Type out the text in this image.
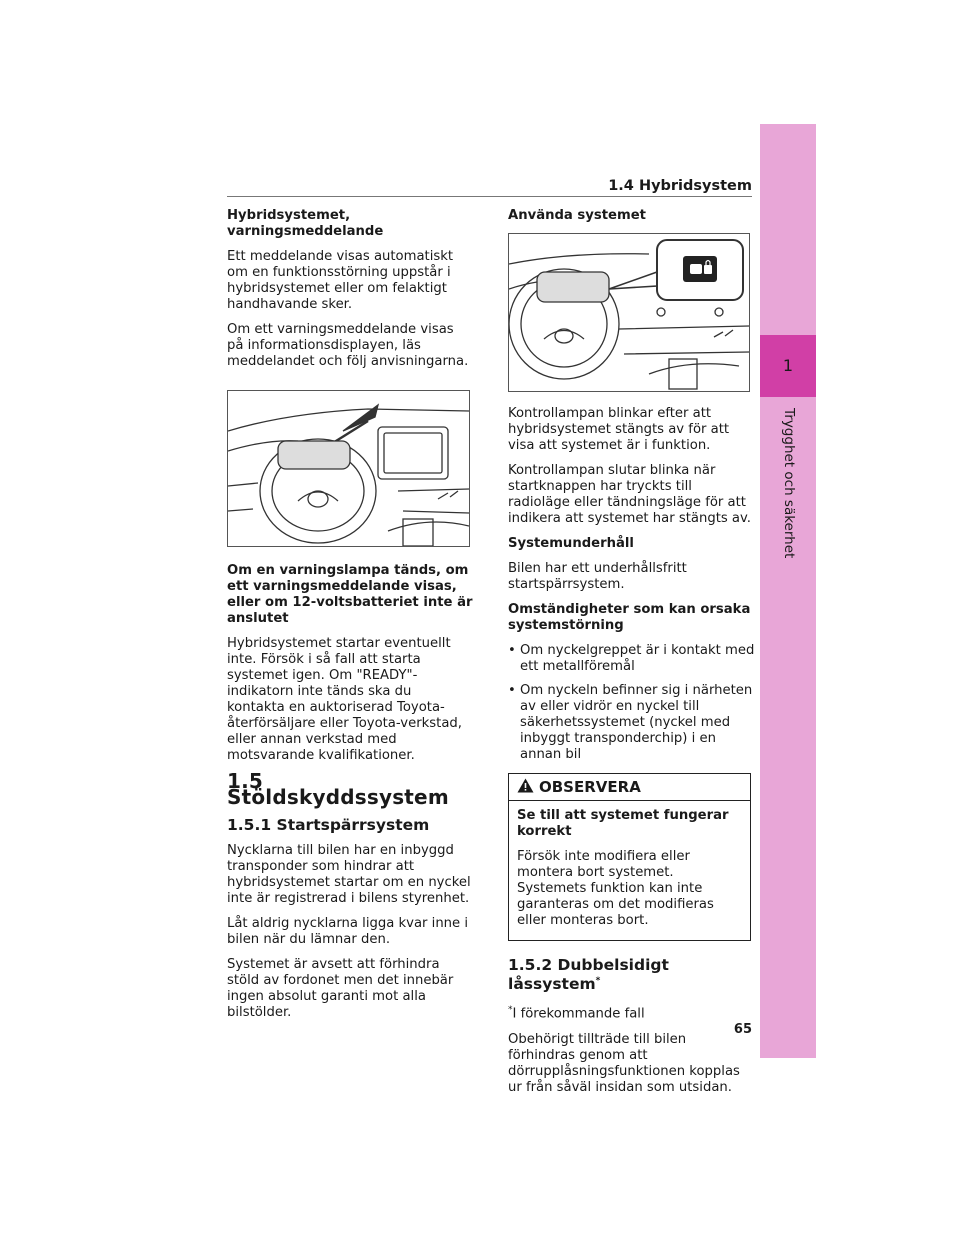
1.4 Hybridsystem
1
Trygghet och säkerhet

Hybridsystemet, varningsmeddelande

Ett meddelande visas automatiskt om en funktionsstörning uppstår i hybridsystemet eller om felaktigt handhavande sker.

Om ett varningsmeddelande visas på informationsdisplayen, läs meddelandet och följ anvisningarna.

Om en varningslampa tänds, om ett varningsmeddelande visas, eller om 12-voltsbatteriet inte är anslutet

Hybridsystemet startar eventuellt inte. Försök i så fall att starta systemet igen. Om "READY"-indikatorn inte tänds ska du kontakta en auktoriserad Toyota-återförsäljare eller Toyota-verkstad, eller annan verkstad med motsvarande kvalifikationer.

1.5 Stöldskyddssystem
1.5.1 Startspärrsystem

Nycklarna till bilen har en inbyggd transponder som hindrar att hybridsystemet startar om en nyckel inte är registrerad i bilens styrenhet.

Låt aldrig nycklarna ligga kvar inne i bilen när du lämnar den.

Systemet är avsett att förhindra stöld av fordonet men det innebär ingen absolut garanti mot alla bilstölder.

Använda systemet

Kontrollampan blinkar efter att hybridsystemet stängts av för att visa att systemet är i funktion.

Kontrollampan slutar blinka när startknappen har tryckts till radioläge eller tändningsläge för att indikera att systemet har stängts av.

Systemunderhåll

Bilen har ett underhållsfritt startspärrsystem.

Omständigheter som kan orsaka systemstörning

• Om nyckelgreppet är i kontakt med ett metallföremål
• Om nyckeln befinner sig i närheten av eller vidrör en nyckel till säkerhetssystemet (nyckel med inbyggt transponderchip) i en annan bil
OBSERVERA

Se till att systemet fungerar korrekt

Försök inte modifiera eller montera bort systemet. Systemets funktion kan inte garanteras om det modifieras eller monteras bort.

1.5.2 Dubbelsidigt låssystem*

*I förekommande fall

Obehörigt tillträde till bilen förhindras genom att dörrupplåsningsfunktionen kopplas ur från såväl insidan som utsidan.

65
